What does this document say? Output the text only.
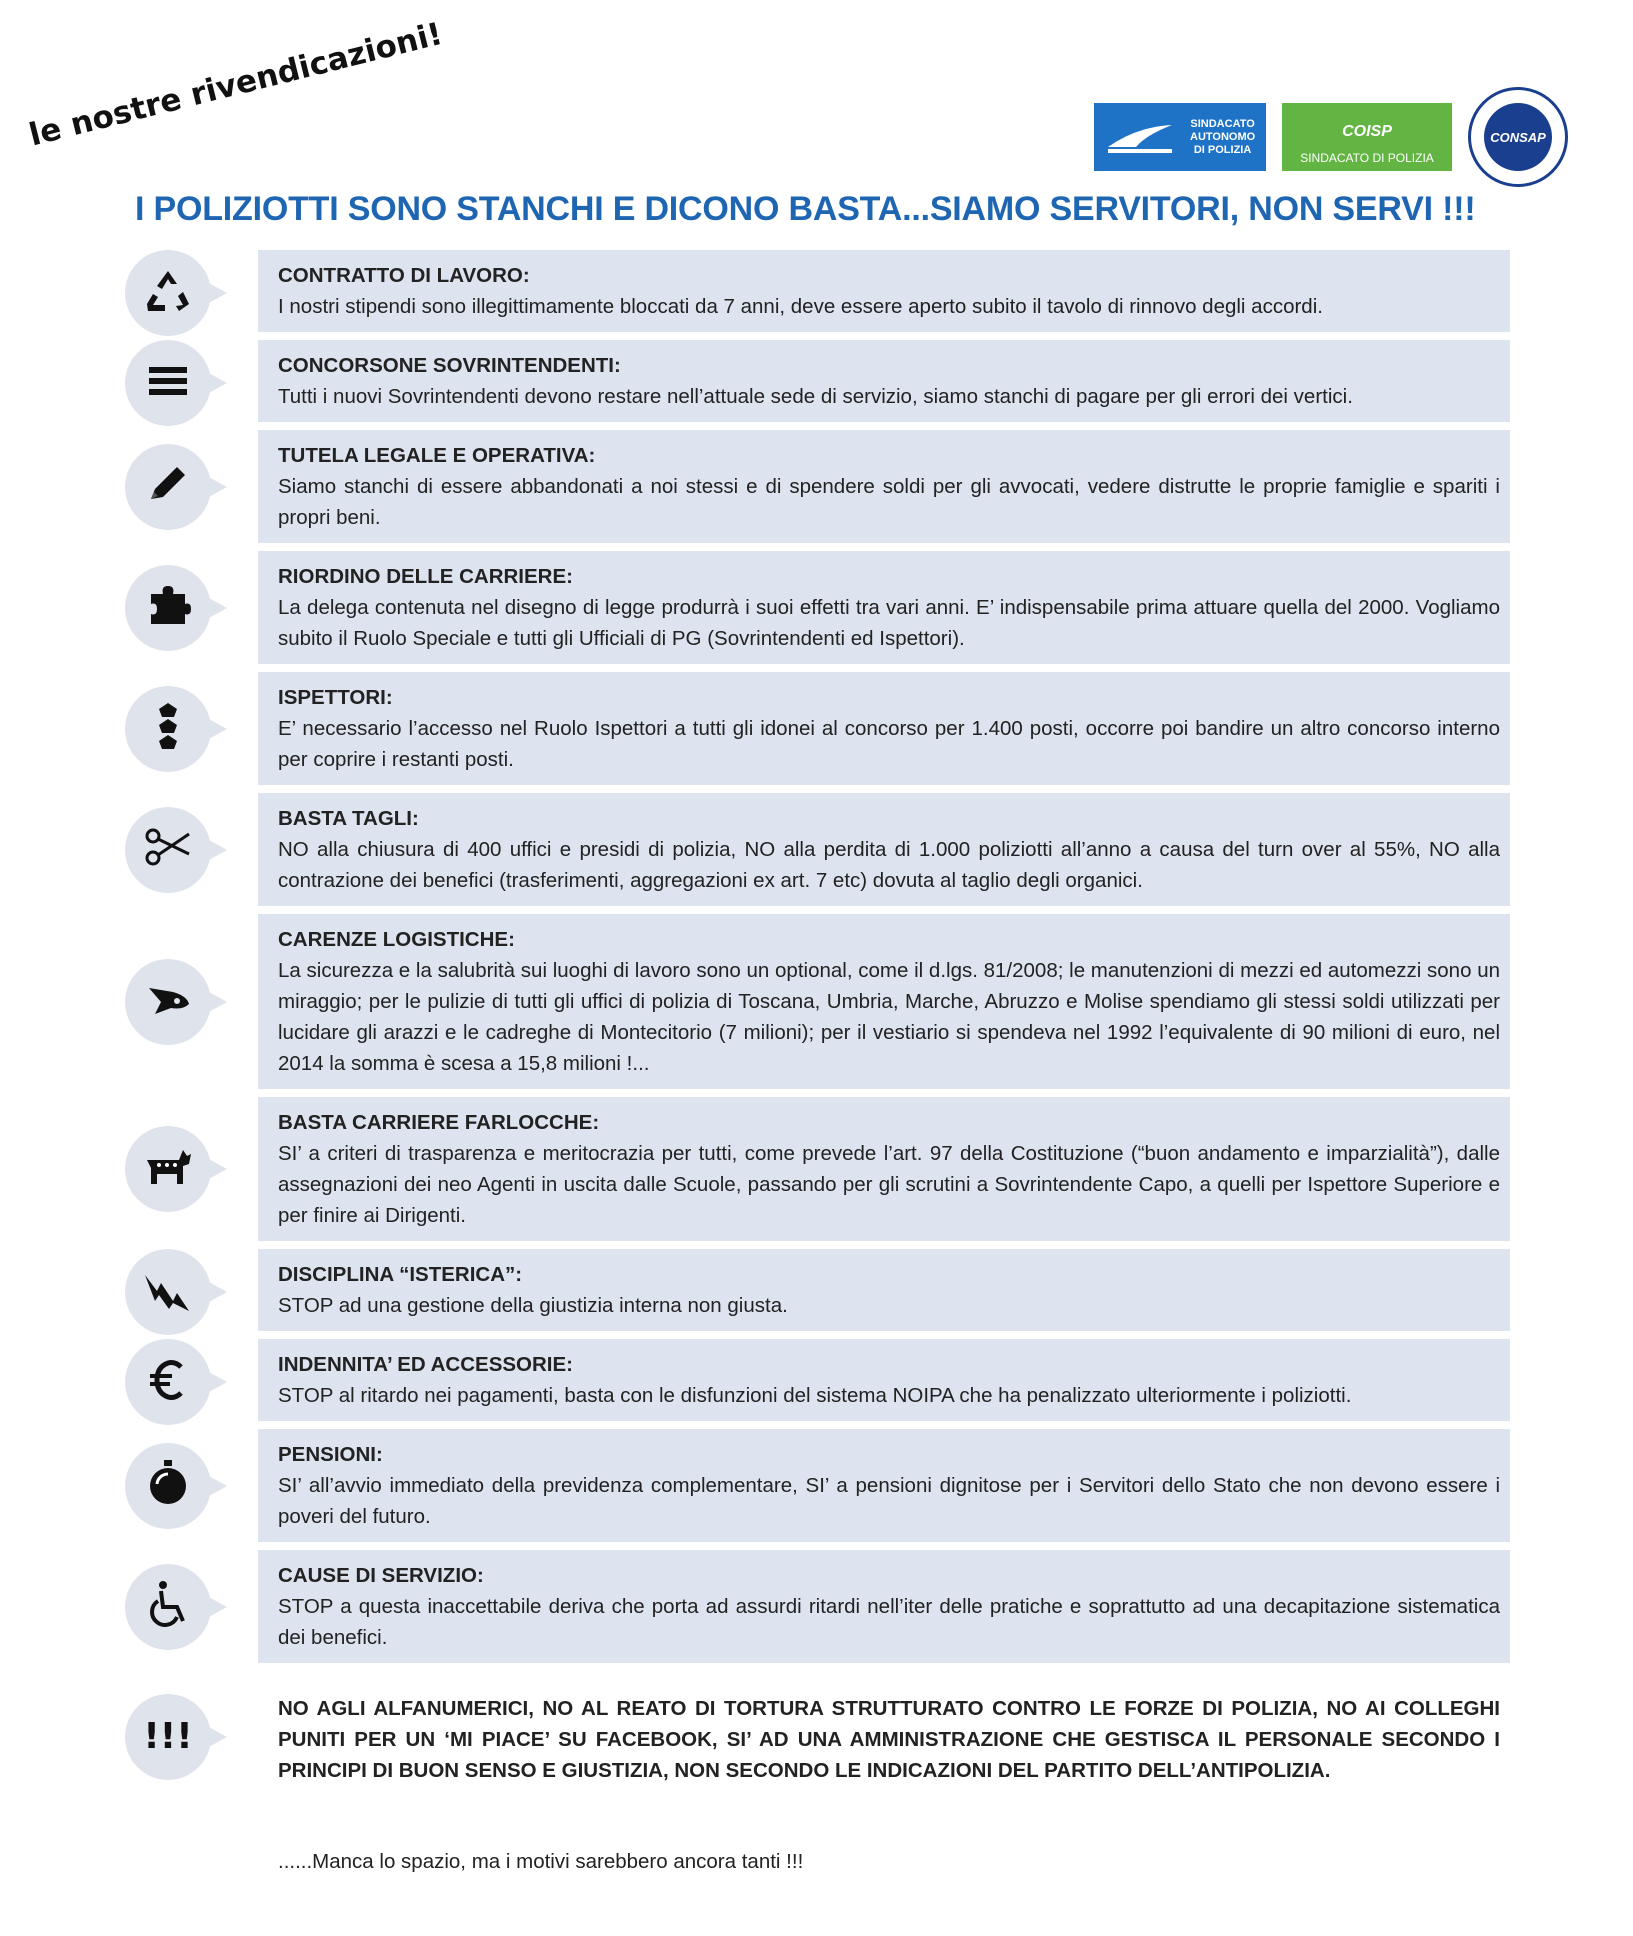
le nostre rivendicazioni!	SINDACATO
AUTONOMO
DI POLIZIA
COISP
SINDACATO DI POLIZIA
CONSAP
I POLIZIOTTI SONO STANCHI E DICONO BASTA...SIAMO SERVITORI, NON SERVI !!!
CONTRATTO DI LAVORO:
I nostri stipendi sono illegittimamente bloccati da 7 anni, deve essere aperto subito il tavolo di rinnovo degli accordi.
CONCORSONE SOVRINTENDENTI:
Tutti i nuovi Sovrintendenti devono restare nell’attuale sede di servizio, siamo stanchi di pagare per gli errori dei vertici.
TUTELA LEGALE E OPERATIVA:
Siamo stanchi di essere abbandonati a noi stessi e di spendere soldi per gli avvocati, vedere distrutte le proprie famiglie e spariti i propri beni.
RIORDINO DELLE CARRIERE:
La delega contenuta nel disegno di legge produrrà i suoi effetti tra vari anni. E’ indispensabile prima attuare quella del 2000. Vogliamo subito il Ruolo Speciale e tutti gli Ufficiali di PG (Sovrintendenti ed Ispettori).
ISPETTORI:
E’ necessario l’accesso nel Ruolo Ispettori a tutti gli idonei al concorso per 1.400 posti, occorre poi bandire un altro concorso interno per coprire i restanti posti.
BASTA TAGLI:
NO alla chiusura di 400 uffici e presidi di polizia, NO alla perdita di 1.000 poliziotti all’anno a causa del turn over al 55%, NO alla contrazione dei benefici (trasferimenti, aggregazioni ex art. 7 etc) dovuta al taglio degli organici.
CARENZE LOGISTICHE:
La sicurezza e la salubrità sui luoghi di lavoro sono un optional, come il d.lgs. 81/2008; le manutenzioni di mezzi ed automezzi sono un miraggio; per le pulizie di tutti gli uffici di polizia di Toscana, Umbria, Marche, Abruzzo e Molise spendiamo gli stessi soldi utilizzati per lucidare gli arazzi e le cadreghe di Montecitorio (7 milioni); per il vestiario si spendeva nel 1992 l’equivalente di 90 milioni di euro, nel 2014 la somma è scesa a 15,8 milioni !...
BASTA CARRIERE FARLOCCHE:
SI’ a criteri di trasparenza e meritocrazia per tutti, come prevede l’art. 97 della Costituzione (“buon andamento e imparzialità”), dalle assegnazioni dei neo Agenti in uscita dalle Scuole, passando per gli scrutini a Sovrintendente Capo, a quelli per Ispettore Superiore e per finire ai Dirigenti.
DISCIPLINA “ISTERICA”:
STOP ad una gestione della giustizia interna non giusta.
INDENNITA’ ED ACCESSORIE:
STOP al ritardo nei pagamenti, basta con le disfunzioni del sistema NOIPA che ha penalizzato ulteriormente i poliziotti.
PENSIONI:
SI’ all’avvio immediato della previdenza complementare, SI’ a pensioni dignitose per i Servitori dello Stato che non devono essere i poveri del futuro.
CAUSE DI SERVIZIO:
STOP a questa inaccettabile deriva che porta ad assurdi ritardi nell’iter delle pratiche e soprattutto ad una decapitazione sistematica dei benefici.
!!!
NO AGLI ALFANUMERICI, NO AL REATO DI TORTURA STRUTTURATO CONTRO LE FORZE DI POLIZIA, NO AI COLLEGHI PUNITI PER UN ‘MI PIACE’ SU FACEBOOK, SI’ AD UNA AMMINISTRAZIONE CHE GESTISCA IL PERSONALE SECONDO I PRINCIPI DI BUON SENSO E GIUSTIZIA, NON SECONDO LE INDICAZIONI DEL PARTITO DELL’ANTIPOLIZIA.
......Manca lo spazio, ma i motivi sarebbero ancora tanti !!!
